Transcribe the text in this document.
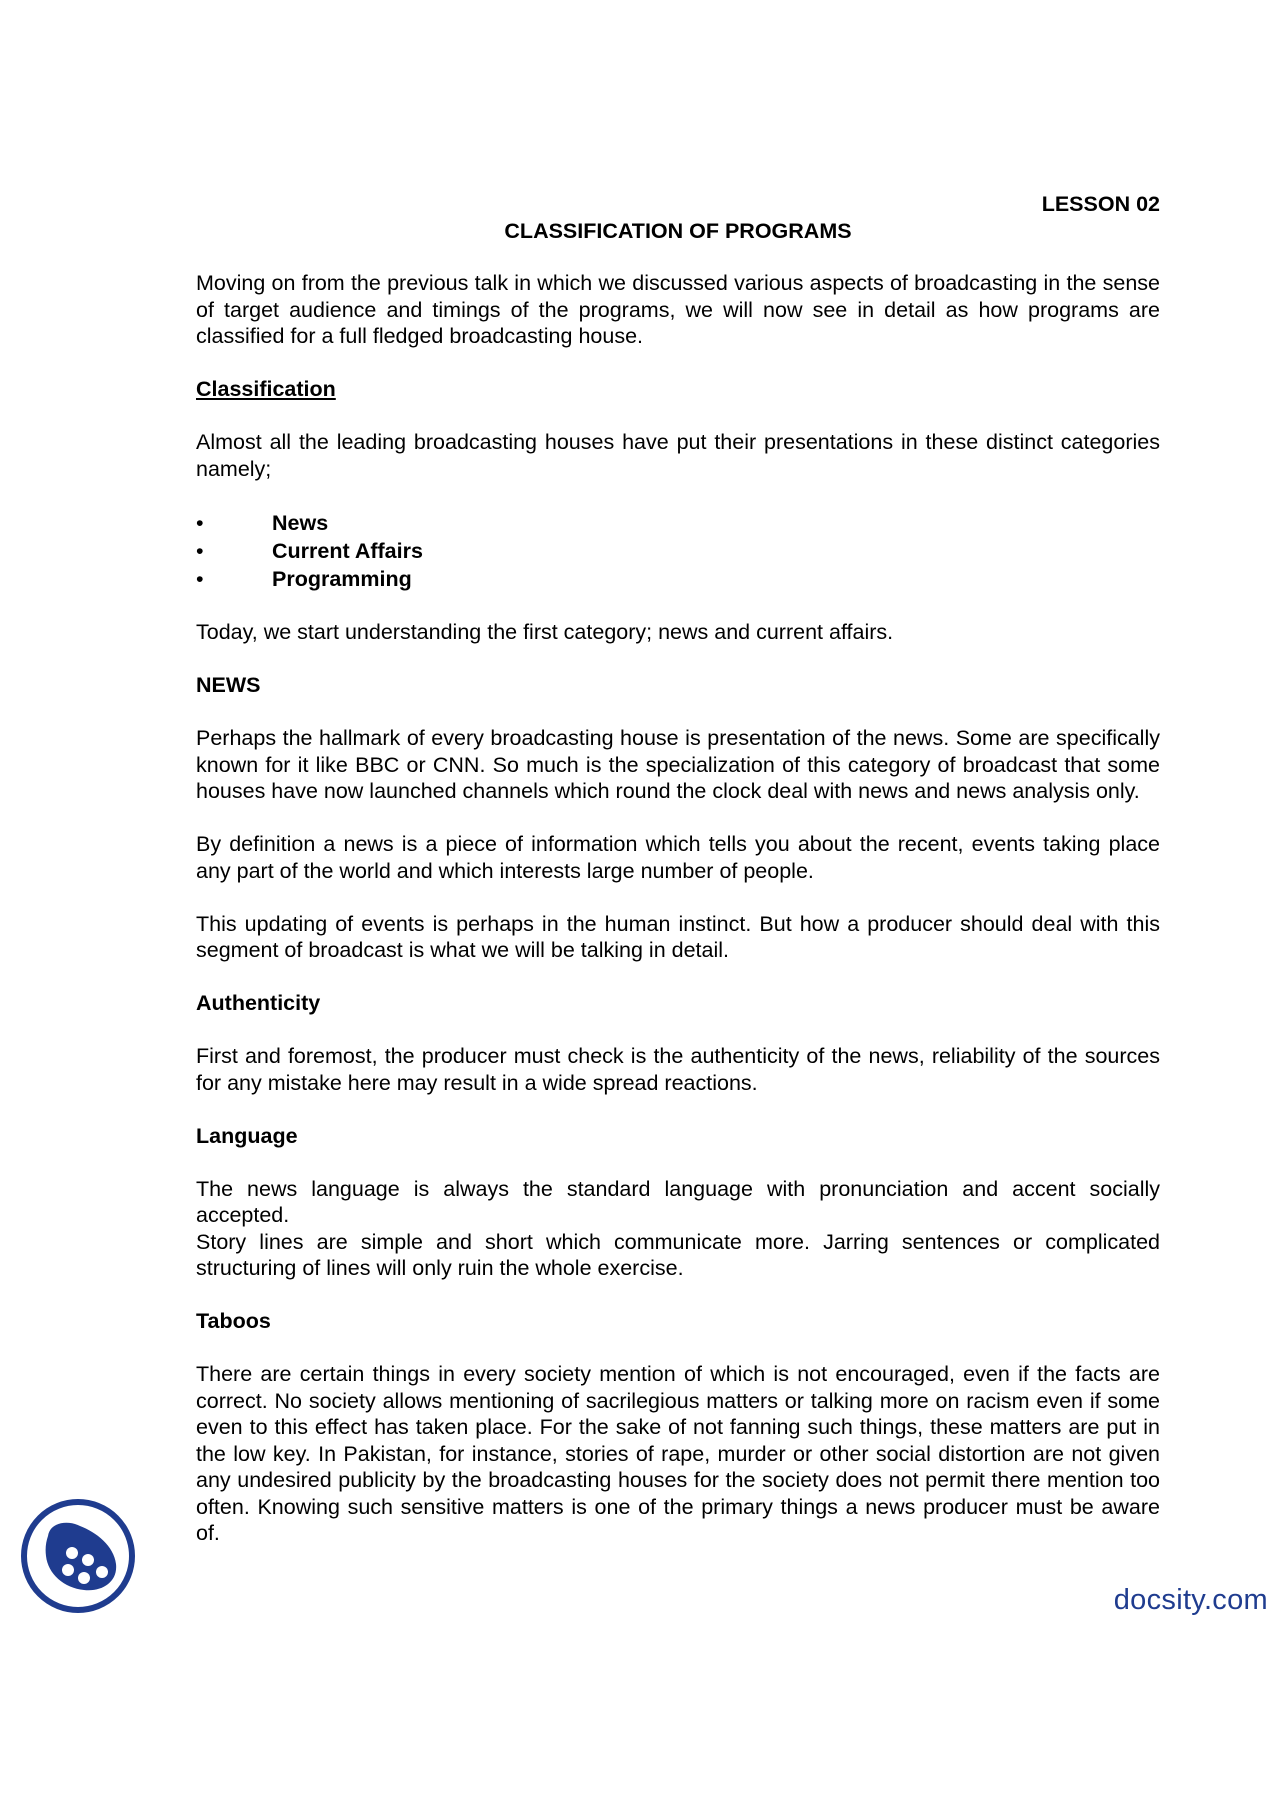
LESSON 02

CLASSIFICATION OF PROGRAMS

Moving on from the previous talk in which we discussed various aspects of broadcasting in the sense of target audience and timings of the programs, we will now see in detail as how programs are classified for a full fledged broadcasting house.

Classification

Almost all the leading broadcasting houses have put their presentations in these distinct categories namely;

•	News
•	Current Affairs
•	Programming

Today, we start understanding the first category; news and current affairs.

NEWS

Perhaps the hallmark of every broadcasting house is presentation of the news. Some are specifically known for it like BBC or CNN. So much is the specialization of this category of broadcast that some houses have now launched channels which round the clock deal with news and news analysis only.

By definition a news is a piece of information which tells you about the recent, events taking place any part of the world and which interests large number of people.

This updating of events is perhaps in the human instinct. But how a producer should deal with this segment of broadcast is what we will be talking in detail.

Authenticity

First and foremost, the producer must check is the authenticity of the news, reliability of the sources for any mistake here may result in a wide spread reactions.

Language

The news language is always the standard language with pronunciation and accent socially accepted.

Story lines are simple and short which communicate more. Jarring sentences or complicated structuring of lines will only ruin the whole exercise.

Taboos

There are certain things in every society mention of which is not encouraged, even if the facts are correct. No society allows mentioning of sacrilegious matters or talking more on racism even if some even to this effect has taken place. For the sake of not fanning such things, these matters are put in the low key. In Pakistan, for instance, stories of rape, murder or other social distortion are not given any undesired publicity by the broadcasting houses for the society does not permit there mention too often. Knowing such sensitive matters is one of the primary things a news producer must be aware of.

docsity.com
